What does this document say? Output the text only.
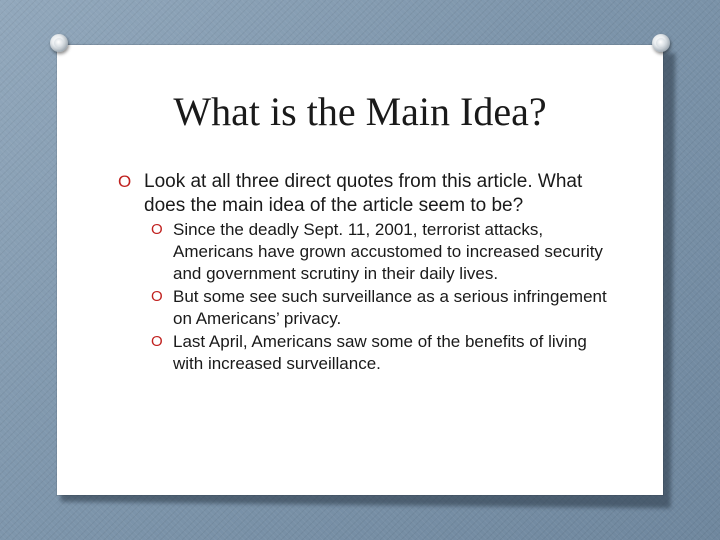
What is the Main Idea?
O Look at all three direct quotes from this article. What does the main idea of the article seem to be?
O Since the deadly Sept. 11, 2001, terrorist attacks, Americans have grown accustomed to increased security and government scrutiny in their daily lives.
O But some see such surveillance as a serious infringement on Americans’ privacy.
O Last April, Americans saw some of the benefits of living with increased surveillance.
